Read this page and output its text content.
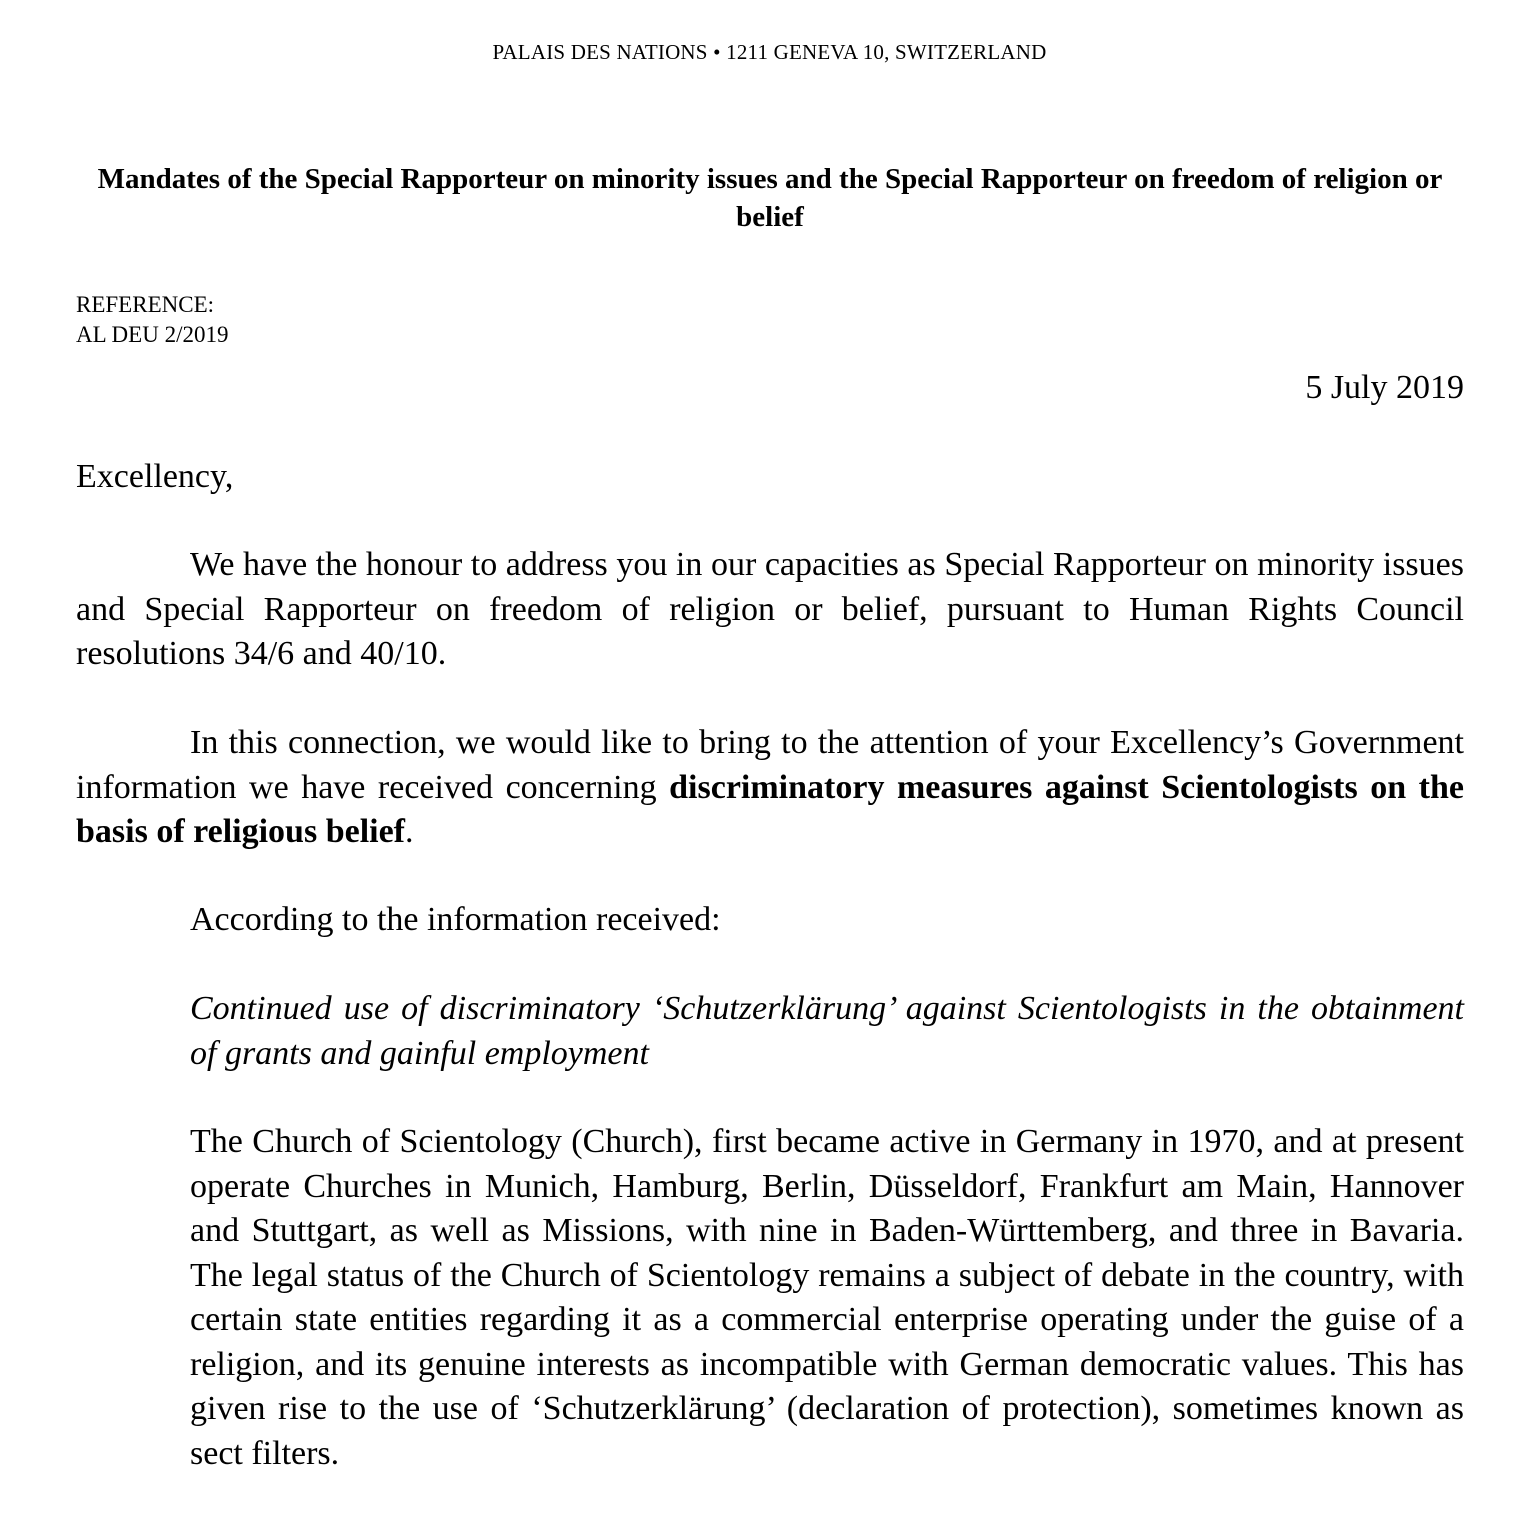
PALAIS DES NATIONS • 1211 GENEVA 10, SWITZERLAND
Mandates of the Special Rapporteur on minority issues and the Special Rapporteur on freedom of religion or belief
REFERENCE:
AL DEU 2/2019
5 July 2019
Excellency,
We have the honour to address you in our capacities as Special Rapporteur on minority issues and Special Rapporteur on freedom of religion or belief, pursuant to Human Rights Council resolutions 34/6 and 40/10.
In this connection, we would like to bring to the attention of your Excellency’s Government information we have received concerning discriminatory measures against Scientologists on the basis of religious belief.
According to the information received:
Continued use of discriminatory ‘Schutzerklärung’ against Scientologists in the obtainment of grants and gainful employment
The Church of Scientology (Church), first became active in Germany in 1970, and at present operate Churches in Munich, Hamburg, Berlin, Düsseldorf, Frankfurt am Main, Hannover and Stuttgart, as well as Missions, with nine in Baden-Württemberg, and three in Bavaria. The legal status of the Church of Scientology remains a subject of debate in the country, with certain state entities regarding it as a commercial enterprise operating under the guise of a religion, and its genuine interests as incompatible with German democratic values. This has given rise to the use of ‘Schutzerklärung’ (declaration of protection), sometimes known as sect filters.
